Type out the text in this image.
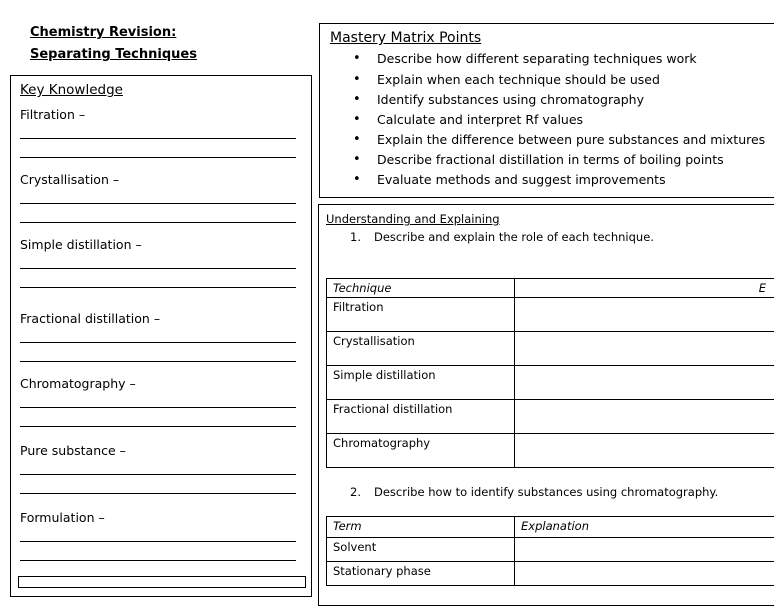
Chemistry Revision:
Separating Techniques
Key Knowledge
Filtration –
Crystallisation –
Simple distillation –
Fractional distillation –
Chromatography –
Pure substance –
Formulation –
Mastery Matrix Points
• Describe how different separating techniques work
• Explain when each technique should be used
• Identify substances using chromatography
• Calculate and interpret Rf values
• Explain the difference between pure substances and mixtures
• Describe fractional distillation in terms of boiling points
• Evaluate methods and suggest improvements
Understanding and Explaining
1. Describe and explain the role of each technique.
Technique	E
Filtration	
Crystallisation	
Simple distillation	
Fractional distillation	
Chromatography	
2. Describe how to identify substances using chromatography.
Term	Explanation
Solvent	
Stationary phase	
